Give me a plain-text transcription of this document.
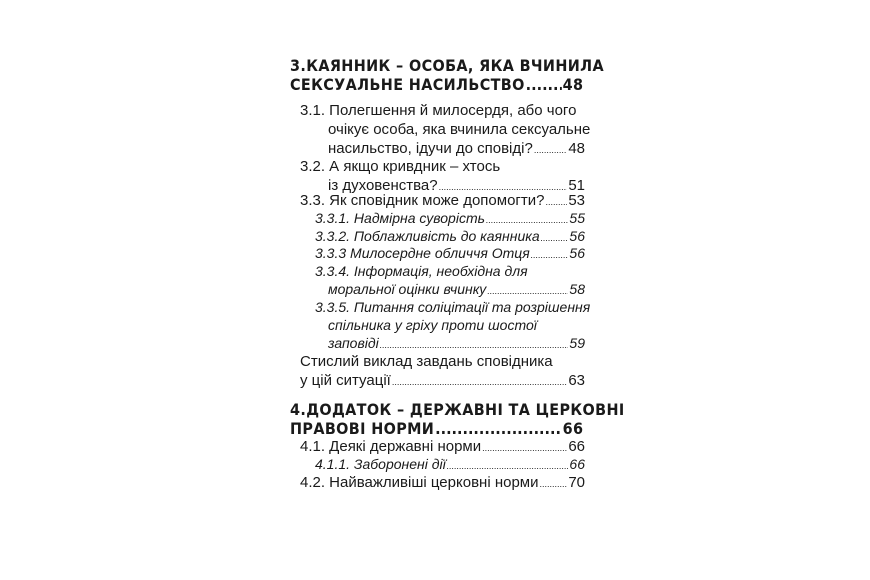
3.КАЯННИК – ОСОБА, ЯКА ВЧИНИЛА
СЕКСУАЛЬНЕ НАСИЛЬСТВО ..... 48
3.1. Полегшення й милосердя, або чого
очікує особа, яка вчинила сексуальне
насильство, ідучи до сповіді? ..... 48
3.2. А якщо кривдник – хтось
із духовенства? .....	51
3.3. Як сповідник може допомогти? ..... 53
3.3.1. Надмірна суворість .....	55
3.3.2. Поблажливість до каянника ..... 56
3.3.3 Милосердне обличчя Отця .....	56
3.3.4. Інформація, необхідна для
моральної оцінки вчинку .....	58
3.3.5. Питання соліцітації та розрішення
спільника у гріху проти шостої
заповіді .....	59
Стислий виклад завдань сповідника
у цій ситуації .....	63
4.ДОДАТОК – ДЕРЖАВНІ ТА ЦЕРКОВНІ
ПРАВОВІ НОРМИ .....	66
4.1. Деякі державні норми .....	66
4.1.1. Заборонені дії .....	66
4.2. Найважливіші церковні норми ..... 70
